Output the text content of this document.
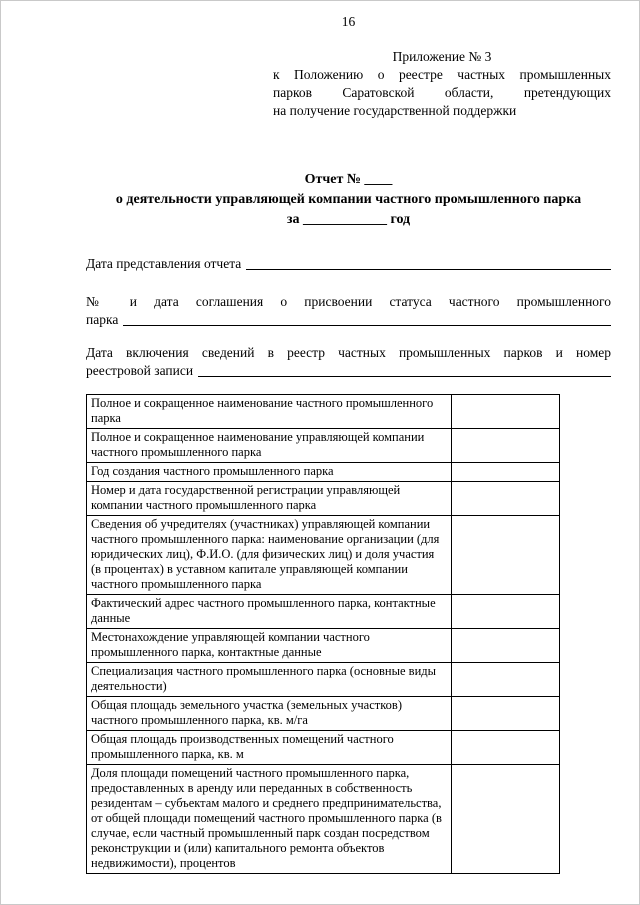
16
Приложение № 3
к Положению о реестре частных промышленных
парков Саратовской области, претендующих
на получение государственной поддержки
Отчет № ____
о деятельности управляющей компании частного промышленного парка
за ____________ год
Дата представления отчета
№ и дата соглашения о присвоении статуса частного промышленного
парка
Дата включения сведений в реестр частных промышленных парков и номер
реестровой записи
Полное и сокращенное наименование частного промышленного парка	
Полное и сокращенное наименование управляющей компании частного промышленного парка	
Год создания частного промышленного парка	
Номер и дата государственной регистрации управляющей компании частного промышленного парка	
Сведения об учредителях (участниках) управляющей компании частного промышленного парка: наименование организации (для юридических лиц), Ф.И.О. (для физических лиц) и доля участия (в процентах) в уставном капитале управляющей компании частного промышленного парка	
Фактический адрес частного промышленного парка, контактные данные	
Местонахождение управляющей компании частного промышленного парка, контактные данные	
Специализация частного промышленного парка (основные виды деятельности)	
Общая площадь земельного участка (земельных участков) частного промышленного парка, кв. м/га	
Общая площадь производственных помещений частного промышленного парка, кв. м	
Доля площади помещений частного промышленного парка, предоставленных в аренду или переданных в собственность резидентам – субъектам малого и среднего предпринимательства, от общей площади помещений частного промышленного парка (в случае, если частный промышленный парк создан посредством реконструкции и (или) капитального ремонта объектов недвижимости), процентов	
